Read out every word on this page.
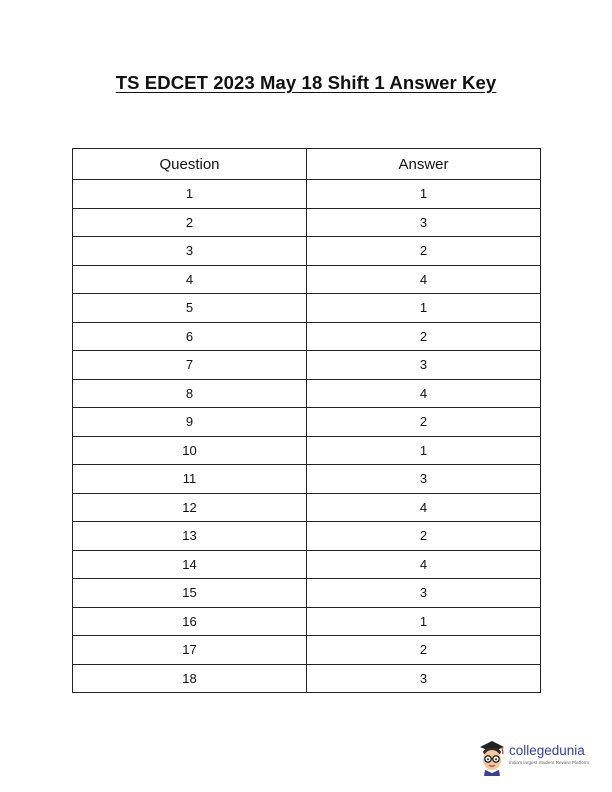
TS EDCET 2023 May 18 Shift 1 Answer Key
Question	Answer
1	1
2	3
3	2
4	4
5	1
6	2
7	3
8	4
9	2
10	1
11	3
12	4
13	2
14	4
15	3
16	1
17	2
18	3
collegedunia
India's largest Student Review Platform
